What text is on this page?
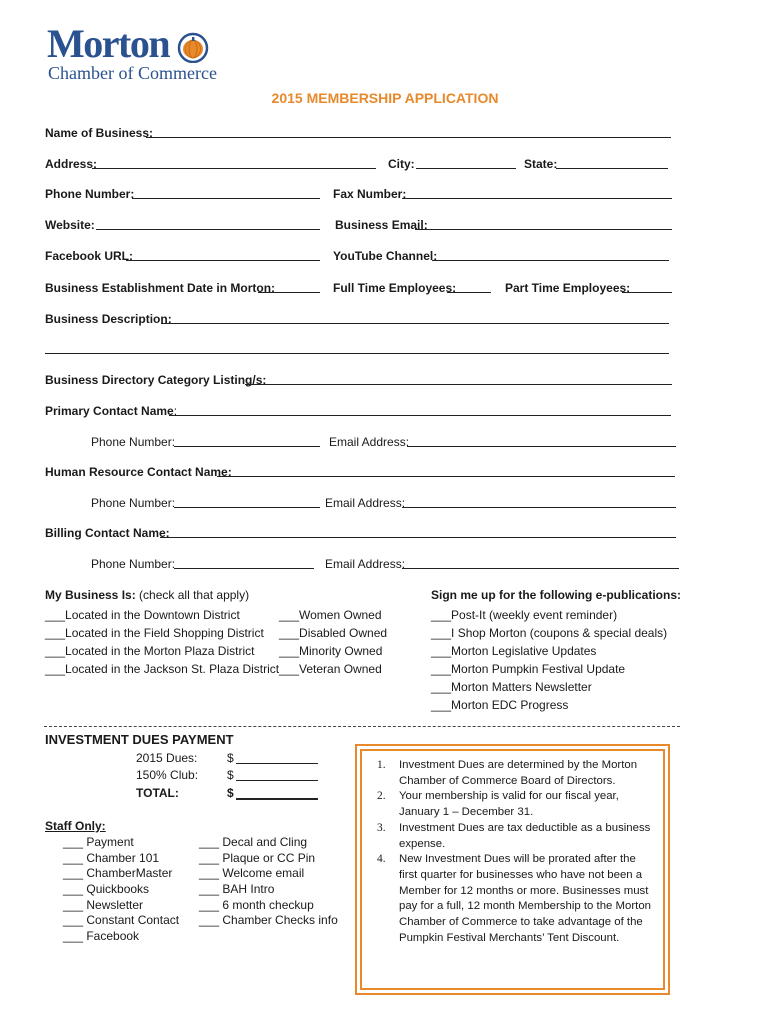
Morton
Chamber of Commerce
2015 MEMBERSHIP APPLICATION
Name of Business:
Address:	City:	State:
Phone Number:	Fax Number:
Website:	Business Email:
Facebook URL:	YouTube Channel:
Business Establishment Date in Morton:	Full Time Employees:	Part Time Employees:
Business Description:
Business Directory Category Listing/s:
Primary Contact Name:
Phone Number:	Email Address:
Human Resource Contact Name:
Phone Number:	Email Address:
Billing Contact Name:
Phone Number:	Email Address:
My Business Is: (check all that apply)
___Located in the Downtown District
___Located in the Field Shopping District
___Located in the Morton Plaza District
___Located in the Jackson St. Plaza District
___Women Owned
___Disabled Owned
___Minority Owned
___Veteran Owned
Sign me up for the following e-publications:
___Post-It (weekly event reminder)
___I Shop Morton (coupons & special deals)
___Morton Legislative Updates
___Morton Pumpkin Festival Update
___Morton Matters Newsletter
___Morton EDC Progress
INVESTMENT DUES PAYMENT
2015 Dues: $
150% Club: $
TOTAL:	$
Staff Only:
___ Payment
___ Chamber 101
___ ChamberMaster
___ Quickbooks
___ Newsletter
___ Constant Contact
___ Facebook
___ Decal and Cling
___ Plaque or CC Pin
___ Welcome email
___ BAH Intro
___ 6 month checkup
___ Chamber Checks info
1. Investment Dues are determined by the Morton Chamber of Commerce Board of Directors.
2. Your membership is valid for our fiscal year, January 1 – December 31.
3. Investment Dues are tax deductible as a business expense.
4. New Investment Dues will be prorated after the first quarter for businesses who have not been a Member for 12 months or more. Businesses must pay for a full, 12 month Membership to the Morton Chamber of Commerce to take advantage of the Pumpkin Festival Merchants’ Tent Discount.
